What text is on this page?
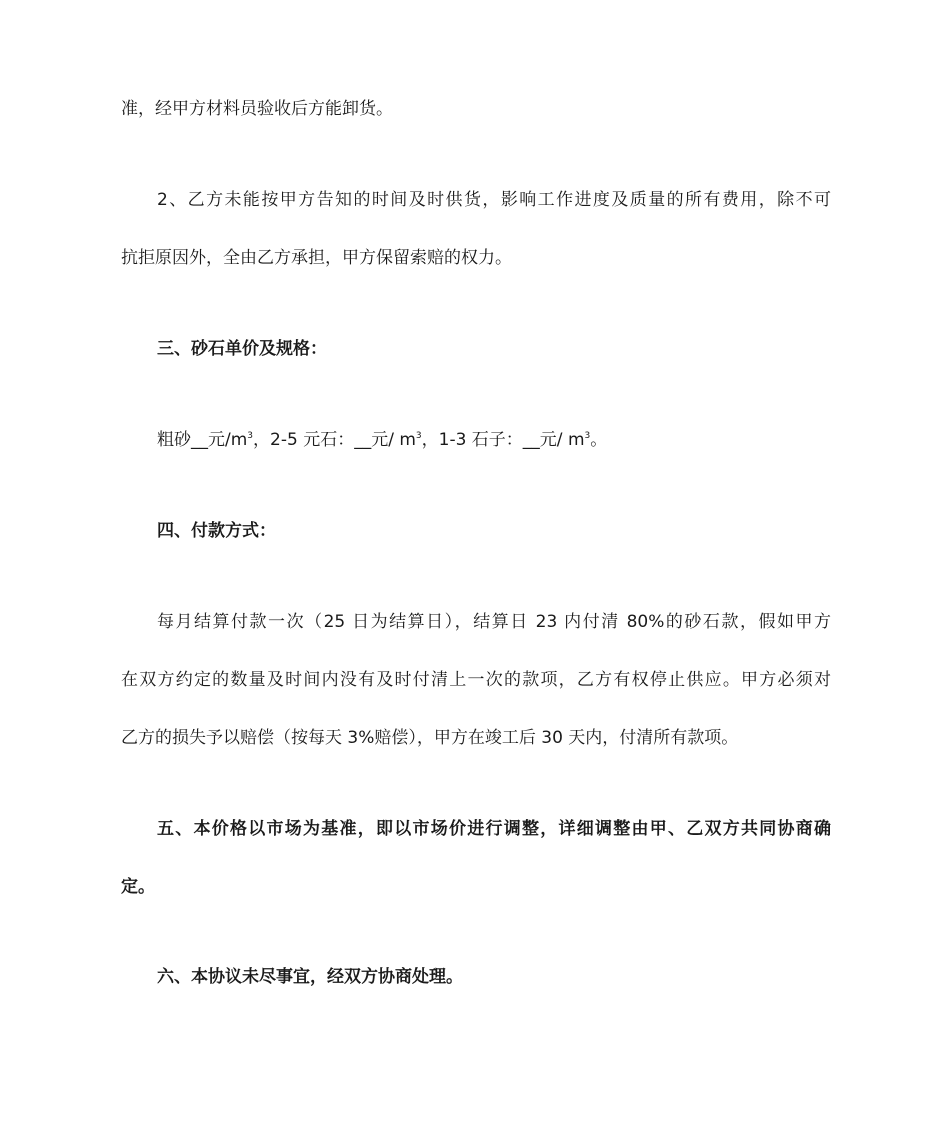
准，经甲方材料员验收后方能卸货。
2、乙方未能按甲方告知的时间及时供货，影响工作进度及质量的所有费用，除不可
抗拒原因外，全由乙方承担，甲方保留索赔的权力。
三、砂石单价及规格：
粗砂__元$/m^3$，2-5 元石：__元/ $m^3$，1-3 石子：__元/ $m^3$。
四、付款方式：
每月结算付款一次（25 日为结算日），结算日 23 内付清 80%的砂石款，假如甲方
在双方约定的数量及时间内没有及时付清上一次的款项，乙方有权停止供应。甲方必须对
乙方的损失予以赔偿（按每天 3%赔偿），甲方在竣工后 30 天内，付清所有款项。
五、本价格以市场为基准，即以市场价进行调整，详细调整由甲、乙双方共同协商确
定。
六、本协议未尽事宜，经双方协商处理。
